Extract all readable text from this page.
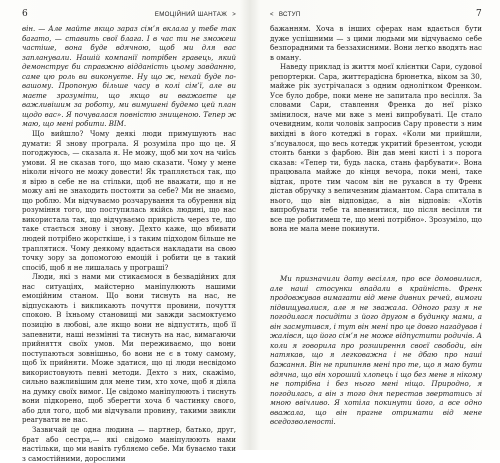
6	ЕМОЦІЙНИЙ ШАНТАЖ >

він. — Але майте якщо зараз сім’я вклала у тебе так багато, — ставить свої блага. І в час ти не зможеш частіше, вона буде вдячною, щоб ми для вас запланували. Нашій компанії потрібен гравець, який демонструє би справжню відданість цьому завданню, саме цю роль ви виконуєте. Ну що ж, нехай буде по-вашому. Пропоную більше часу в колі сім’ї, але ви маєте зрозуміти, що якщо ви вважаєте це важливішим за роботу, ми вимушені будемо цей план щодо вас». Я почувалася повністю знищеною. Тепер ж маю, що мені робити. ВІМ.

Що вийшло? Чому деякі люди примушують нас думати: Я знову програла. Я розуміла про що це. Я погоджуюсь, — сказала я. Не можу, щоб ми хоч на чиїсь умови. Я не сказав того, що маю сказати. Чому у мене ніколи нічого не можу довести! Як трапляється так, що я вірю в себе не на стільки, щоб не вважати, що я не можу ані не знаходить постояти за себе? Ми не знаємо, що роблю. Ми відчуваємо розчарування та обурення від розуміння того, що поступилась якійсь людині, що нас використала так, що відчуваємо прикрість через те, що таке стається знову і знову. Дехто каже, що вбивати людей потрібно жорсткіше, і з таким підходом більше не траплятися. Чому деякому вдається накладати на свою точку зору за допомогою емоцій і робити це в такий спосіб, щоб я не лишалась у програші?

Люди, які з нами ми стикаємося в безвадійних для нас ситуаціях, майстерно маніпулюють нашими емоційним станом. Що вони тиснуть на нас, не відпускають і викликають почуття провини, почуття спокою. В їхньому становищі ми завжди засмоктуємо позицію в любові, але якщо вони не відпустять, щоб її запевнити, наші незмінні та тиснуть на нас, вимагаючи прийняття своїх умов. Ми переживаємо, що вони поступаються зовнішньо, бо вони не є в тому самому, щоб їх прийняти. Може здатися, що ці люди несвідомо використовують певні методи. Дехто з них, скажімо, сильно важливішим для мене тим, хто хоче, щоб я діяла на думку своїх вимог. Це свідомо маніпулюють і тиснуть вони підкорено, щоб зберегти хоча б частинку свого, або для того, щоб ми відчували провину, такими звикли реагувати не нас.

Зазвичай це одна людина — партнер, батько, друг, брат або сестра,— які свідомо маніпулюють нами настільки, що ми навіть губляємо себе. Ми буваємо таки з самостійними, дорослими

< ВСТУП	7

бажанням. Хоча в інших сферах нам вдається бути дуже успішними — з цими людьми ми відчуваємо себе безпорадними та беззахисними. Вони легко вводять нас в оману.

Наведу приклад із життя моєї клієнтки Сари, судової репортерки. Сара, життєрадісна брюнетка, віком за 30, майже рік зустрічалася з одним однолітком Френком. Усе було добре, поки мене не запитала про весілля. За словами Сари, ставлення Френка до неї різко змінилося, наче ми вже з мені випробуваті. Це стало очевидним, коли чоловік запросив Сару провести з ним вихідні в його котеджі в горах. «Коли ми прийшли, з’ясувалося, що весь котедж укритий брезентом, усюди стоять банки з фарбою. Він дав мені кисті і з порога сказав: «Тепер ти, будь ласка, стань фарбувати». Вона працювала майже до кінця вечора, поки мені, таке відтак, проте тим часом він не рухався в ту Френк дістав обручку з величезним діамантом. Сара спитала в нього, що він відповідає, а він відповів: «Хотів випробувати тебе та впевнитися, що після весілля ти все ще робитимеш те, що мені потрібно». Зрозуміло, що вона не мала мене покинути.

Ми призначили дату весілля, про все домовилися, але наші стосунки впадали в крайність. Френк продовжував вимагати від мене дивних речей, вимоги підвищувалися, але я не зважала. Одного разу я не погодилася посидіти з його другом в будинку мами, а він засмутився, і тут він мені про це довго нагадував і жалівся, що його сім’я не може відпустити родичів. А коли я говорила про розширення своєї свободи, він натякав, що я легковажна і не дбаю про наші бажання. Він не припиняв мені про те, що я маю бути вдячна, що він хороший хлопець і що без мене я нікому не потрібна і без нього мені ніщо. Природно, я погодилась, а він з того дня перестав звертатись зі мною ввічливо. Я хотіла покинути його, а все одно вважала, що він прагне отримати від мене вседозволеності.
